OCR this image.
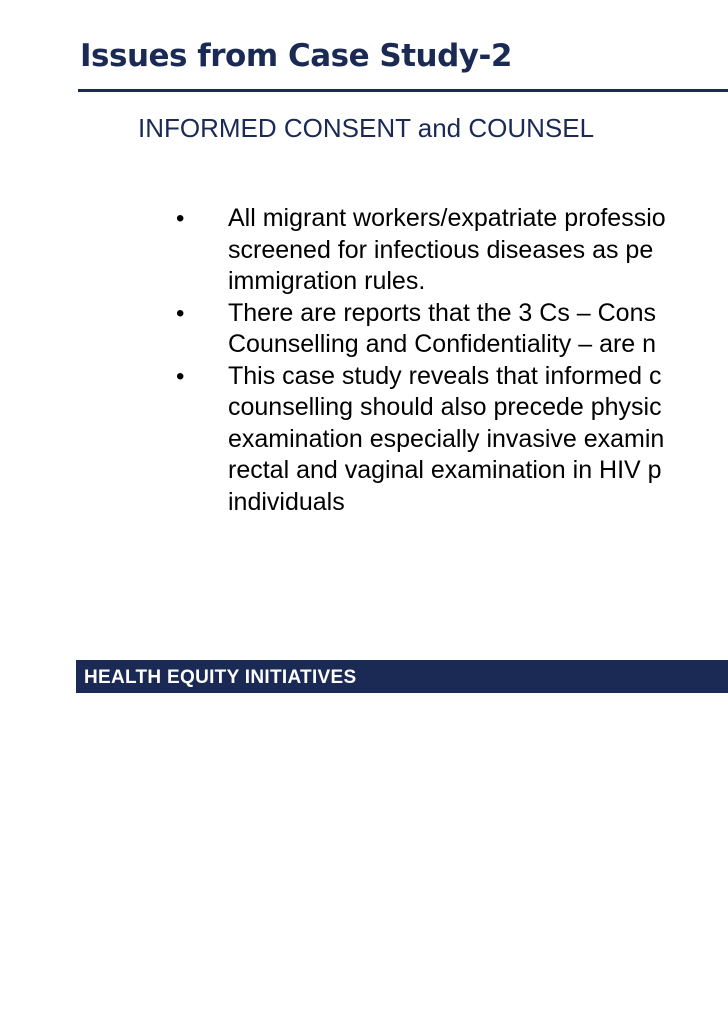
Issues from Case Study-2
INFORMED CONSENT and COUNSEL
• All migrant workers/expatriate professio
screened for infectious diseases as pe
immigration rules.
• There are reports that the 3 Cs – Cons
Counselling and Confidentiality – are n
• This case study reveals that informed c
counselling should also precede physic
examination especially invasive examin
rectal and vaginal examination in HIV p
individuals
HEALTH EQUITY INITIATIVES
